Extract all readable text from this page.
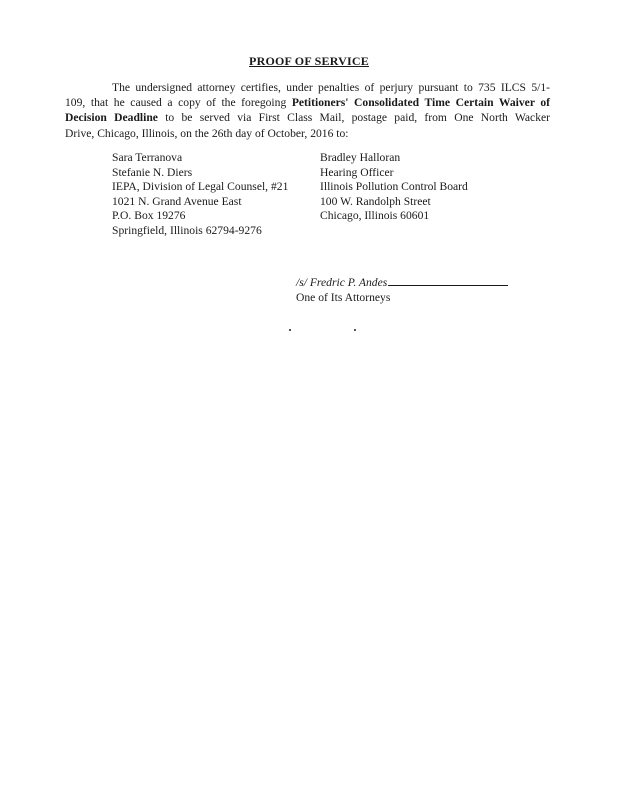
PROOF OF SERVICE
The undersigned attorney certifies, under penalties of perjury pursuant to 735 ILCS 5/1-
109, that he caused a copy of the foregoing Petitioners' Consolidated Time Certain Waiver of
Decision Deadline to be served via First Class Mail, postage paid, from One North Wacker
Drive, Chicago, Illinois, on the 26th day of October, 2016 to:
Sara Terranova
Stefanie N. Diers
IEPA, Division of Legal Counsel, #21
1021 N. Grand Avenue East
P.O. Box 19276
Springfield, Illinois 62794-9276
Bradley Halloran
Hearing Officer
Illinois Pollution Control Board
100 W. Randolph Street
Chicago, Illinois 60601
/s/ Fredric P. Andes
One of Its Attorneys
